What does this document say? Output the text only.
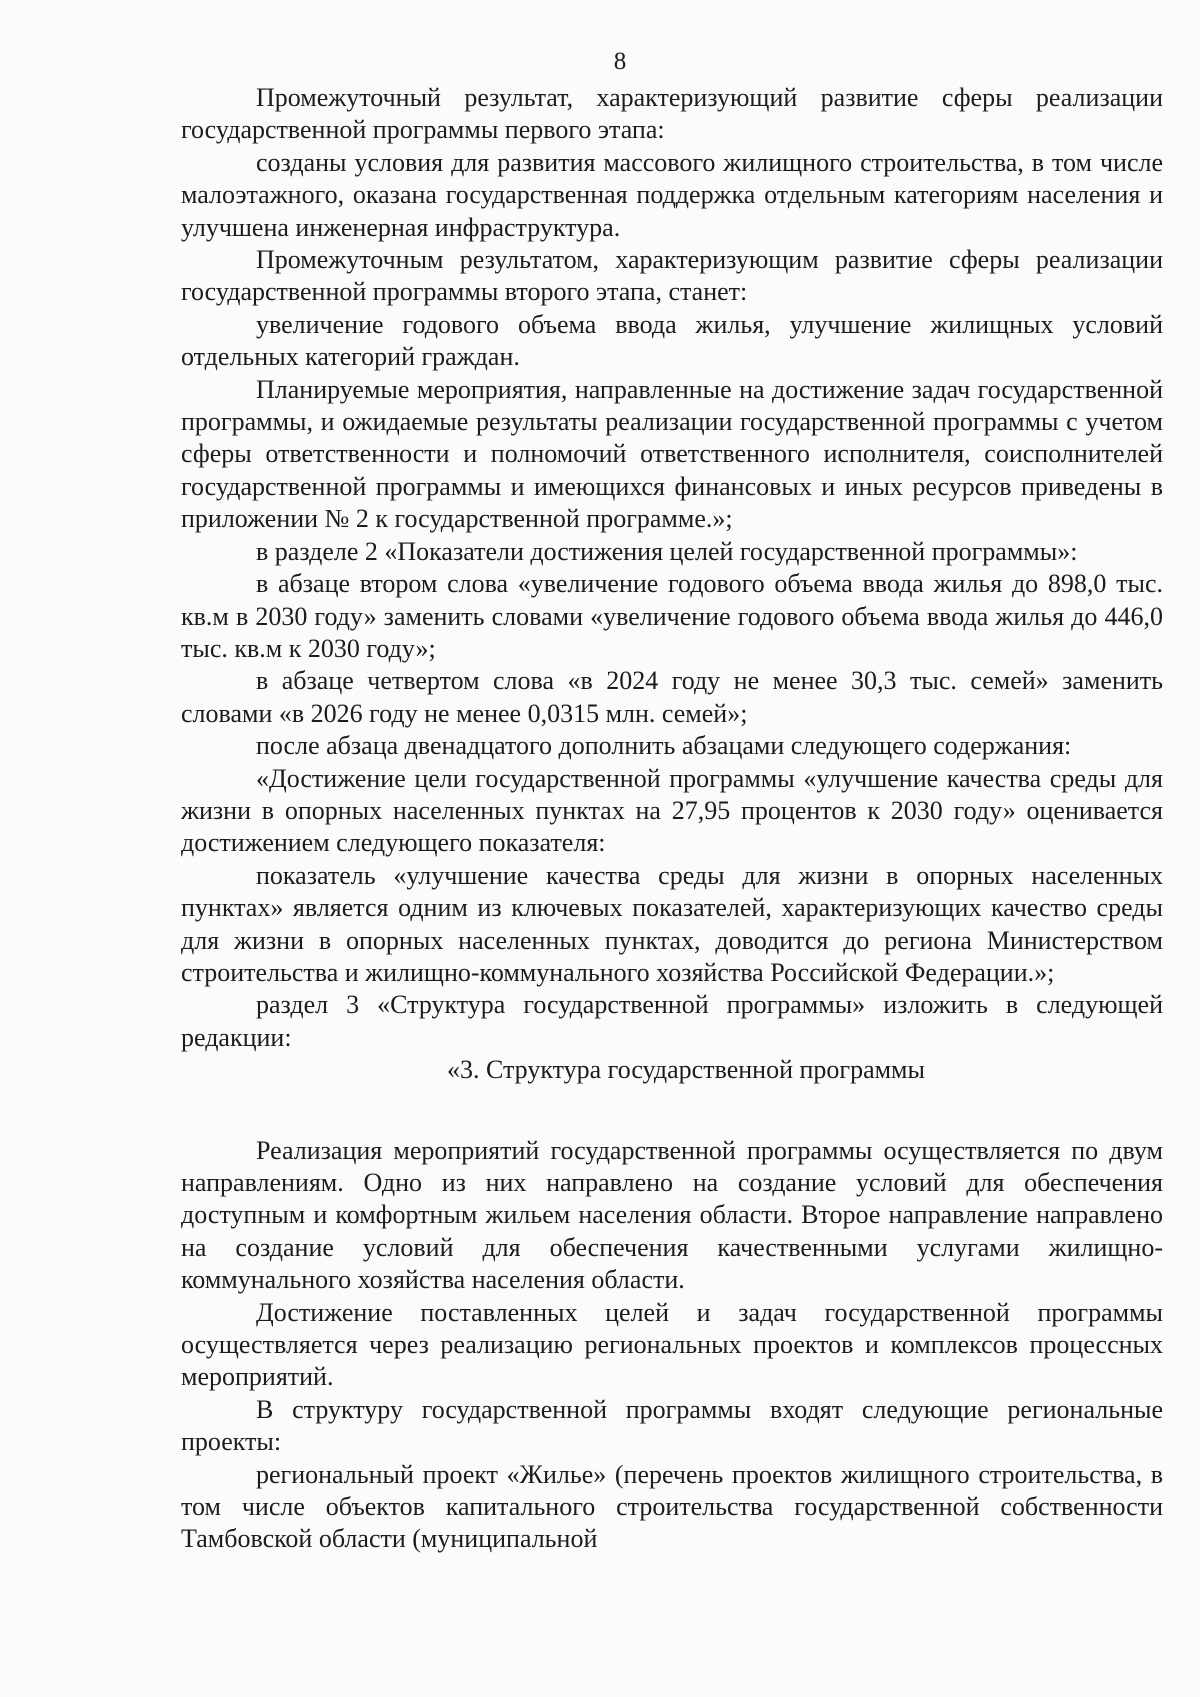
8

Промежуточный результат, характеризующий развитие сферы реализации государственной программы первого этапа:

созданы условия для развития массового жилищного строительства, в том числе малоэтажного, оказана государственная поддержка отдельным категориям населения и улучшена инженерная инфраструктура.

Промежуточным результатом, характеризующим развитие сферы реализации государственной программы второго этапа, станет:

увеличение годового объема ввода жилья, улучшение жилищных условий отдельных категорий граждан.

Планируемые мероприятия, направленные на достижение задач государственной программы, и ожидаемые результаты реализации государственной программы с учетом сферы ответственности и полномочий ответственного исполнителя, соисполнителей государственной программы и имеющихся финансовых и иных ресурсов приведены в приложении № 2 к государственной программе.»;

в разделе 2 «Показатели достижения целей государственной программы»:

в абзаце втором слова «увеличение годового объема ввода жилья до 898,0 тыс. кв.м в 2030 году» заменить словами «увеличение годового объема ввода жилья до 446,0 тыс. кв.м к 2030 году»;

в абзаце четвертом слова «в 2024 году не менее 30,3 тыс. семей» заменить словами «в 2026 году не менее 0,0315 млн. семей»;

после абзаца двенадцатого дополнить абзацами следующего содержания:

«Достижение цели государственной программы «улучшение качества среды для жизни в опорных населенных пунктах на 27,95 процентов к 2030 году» оценивается достижением следующего показателя:

показатель «улучшение качества среды для жизни в опорных населенных пунктах» является одним из ключевых показателей, характеризующих качество среды для жизни в опорных населенных пунктах, доводится до региона Министерством строительства и жилищно-коммунального хозяйства Российской Федерации.»;

раздел 3 «Структура государственной программы» изложить в следующей редакции:

«3. Структура государственной программы

Реализация мероприятий государственной программы осуществляется по двум направлениям. Одно из них направлено на создание условий для обеспечения доступным и комфортным жильем населения области. Второе направление направлено на создание условий для обеспечения качественными услугами жилищно-коммунального хозяйства населения области.

Достижение поставленных целей и задач государственной программы осуществляется через реализацию региональных проектов и комплексов процессных мероприятий.

В структуру государственной программы входят следующие региональные проекты:

региональный проект «Жилье» (перечень проектов жилищного строительства, в том числе объектов капитального строительства государственной собственности Тамбовской области (муниципальной
